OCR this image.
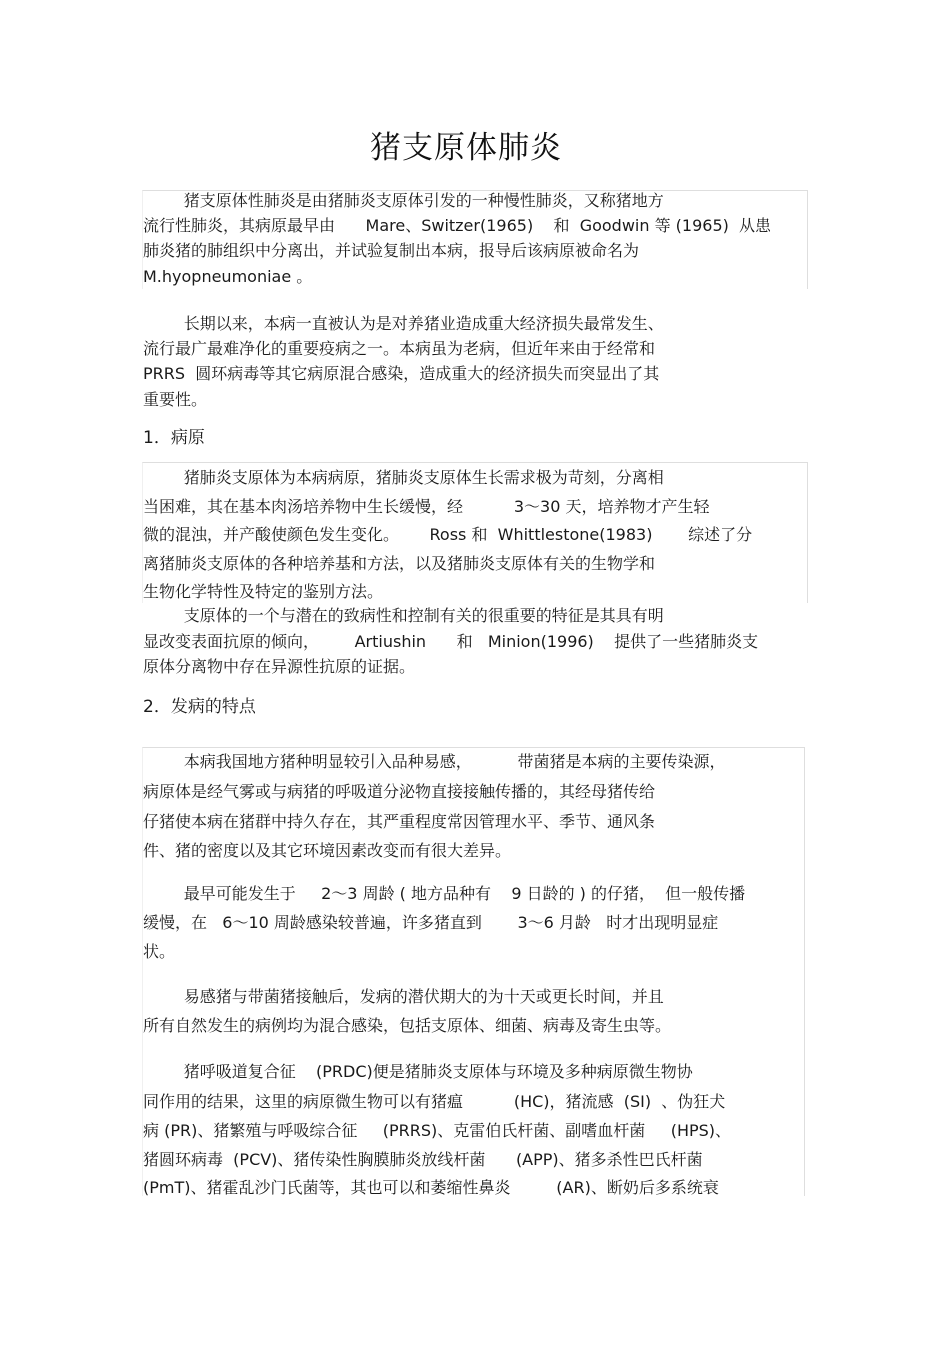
猪支原体肺炎
猪支原体性肺炎是由猪肺炎支原体引发的一种慢性肺炎，又称猪地方
流行性肺炎，其病原最早由      Mare、Switzer(1965)    和  Goodwin 等 (1965)  从患
肺炎猪的肺组织中分离出，并试验复制出本病，报导后该病原被命名为
M.hyopneumoniae 。
长期以来，本病一直被认为是对养猪业造成重大经济损失最常发生、
流行最广最难净化的重要疫病之一。本病虽为老病，但近年来由于经常和
PRRS  圆环病毒等其它病原混合感染，造成重大的经济损失而突显出了其
重要性。
1．病原
猪肺炎支原体为本病病原，猪肺炎支原体生长需求极为苛刻，分离相
当困难，其在基本肉汤培养物中生长缓慢，经          3～30 天，培养物才产生轻
微的混浊，并产酸使颜色发生变化。      Ross 和  Whittlestone(1983)       综述了分
离猪肺炎支原体的各种培养基和方法，以及猪肺炎支原体有关的生物学和
生物化学特性及特定的鉴别方法。
支原体的一个与潜在的致病性和控制有关的很重要的特征是其具有明
显改变表面抗原的倾向，       Artiushin      和   Minion(1996)    提供了一些猪肺炎支
原体分离物中存在异源性抗原的证据。
2．发病的特点
本病我国地方猪种明显较引入品种易感，         带菌猪是本病的主要传染源，
病原体是经气雾或与病猪的呼吸道分泌物直接接触传播的，其经母猪传给
仔猪使本病在猪群中持久存在，其严重程度常因管理水平、季节、通风条
件、猪的密度以及其它环境因素改变而有很大差异。
最早可能发生于     2～3 周龄 ( 地方品种有    9 日龄的 ) 的仔猪，  但一般传播
缓慢，在   6～10 周龄感染较普遍，许多猪直到       3～6 月龄   时才出现明显症
状。
易感猪与带菌猪接触后，发病的潜伏期大的为十天或更长时间，并且
所有自然发生的病例均为混合感染，包括支原体、细菌、病毒及寄生虫等。
猪呼吸道复合征    (PRDC)便是猪肺炎支原体与环境及多种病原微生物协
同作用的结果，这里的病原微生物可以有猪瘟          (HC)，猪流感  (SI)  、伪狂犬
病 (PR)、猪繁殖与呼吸综合征     (PRRS)、克雷伯氏杆菌、副嗜血杆菌     (HPS)、
猪圆环病毒  (PCV)、猪传染性胸膜肺炎放线杆菌      (APP)、猪多杀性巴氏杆菌
(PmT)、猪霍乱沙门氏菌等，其也可以和萎缩性鼻炎         (AR)、断奶后多系统衰
